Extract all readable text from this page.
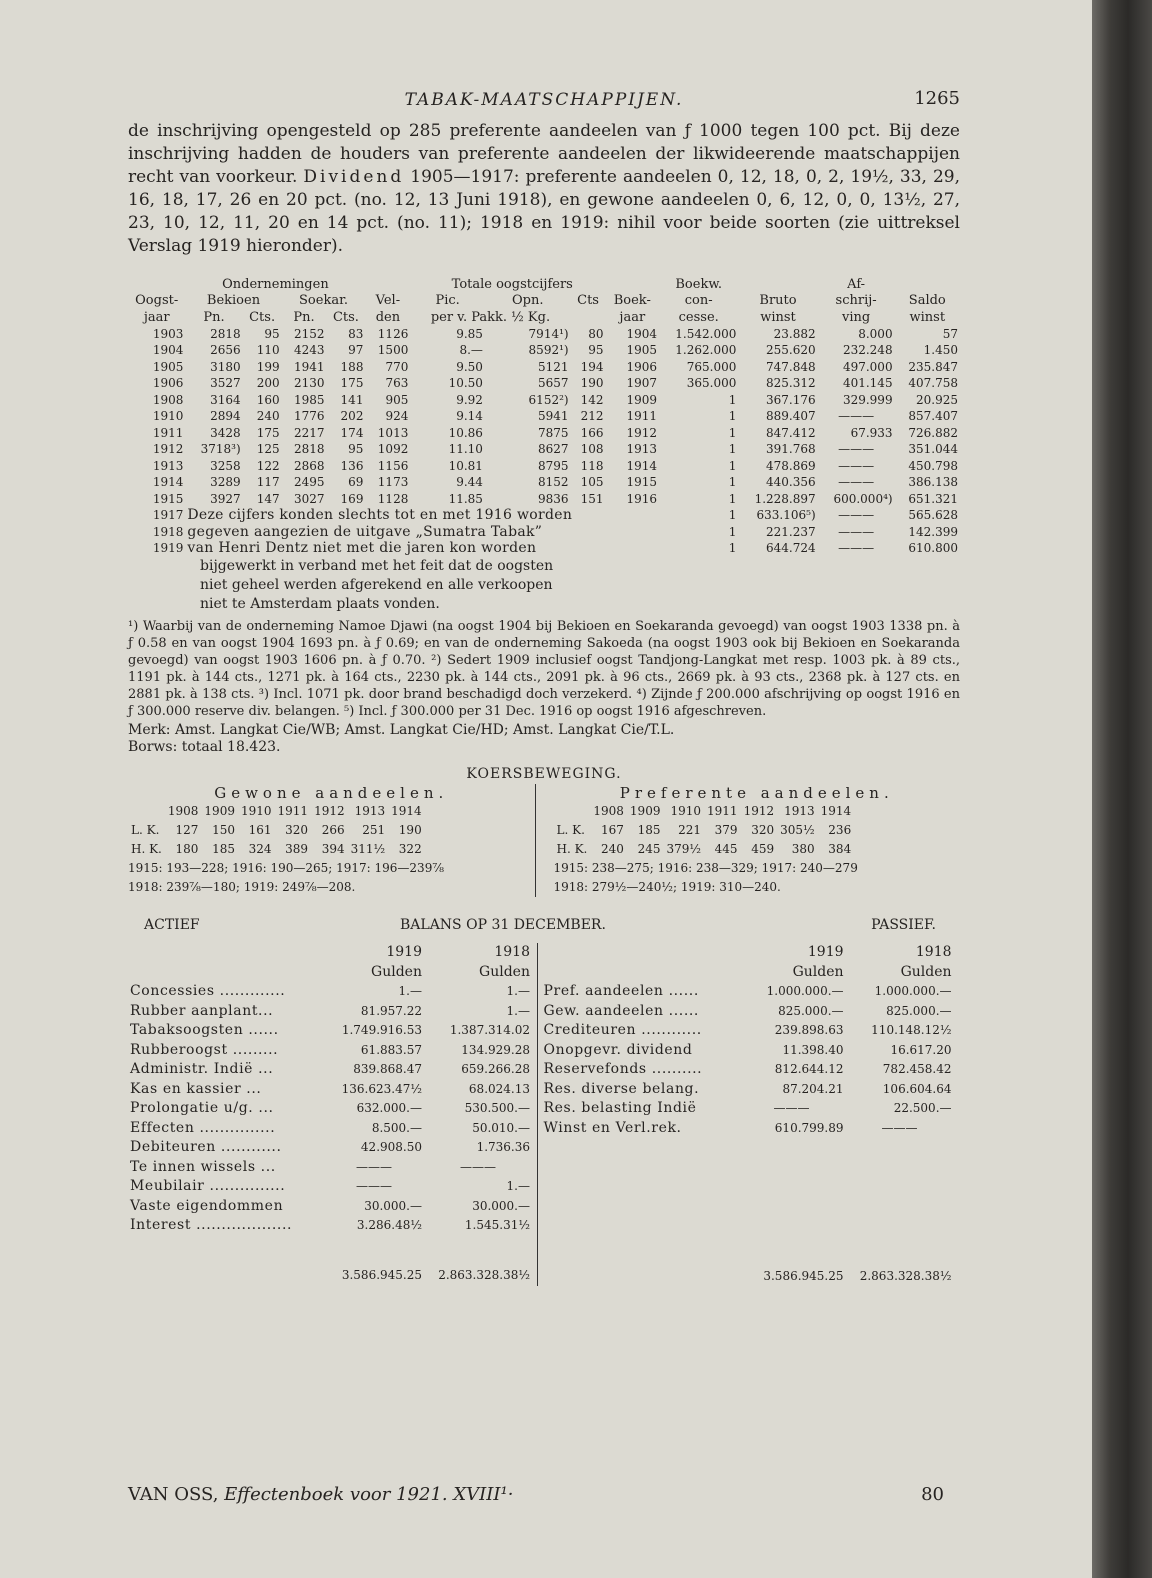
TABAK-MAATSCHAPPIJEN.	1265

de inschrijving opengesteld op 285 preferente aandeelen van ƒ 1000 tegen 100 pct. Bij deze inschrijving hadden de houders van preferente aandeelen der likwideerende maatschappijen recht van voorkeur. Dividend 1905—1917: preferente aandeelen 0, 12, 18, 0, 2, 19½, 33, 29, 16, 18, 17, 26 en 20 pct. (no. 12, 13 Juni 1918), en gewone aandeelen 0, 6, 12, 0, 0, 13½, 27, 23, 10, 12, 11, 20 en 14 pct. (no. 11); 1918 en 1919: nihil voor beide soorten (zie uittreksel Verslag 1919 hieronder).

	Ondernemingen				Totale oogstcijfers					Boekw.		Af-	
Oogst-	Bekioen		Soekar.		Vel-	Pic.	Opn.	Cts	Boek-	con-	Bruto	schrij-	Saldo
jaar	Pn.	Cts.	Pn.	Cts.	den	per v. Pakk. ½ Kg.			jaar	cesse.	winst	ving	winst
1903	2818	95	2152	83	1126	9.85	7914¹)	80	1904	1.542.000	23.882	8.000	57
1904	2656	110	4243	97	1500	8.—	8592¹)	95	1905	1.262.000	255.620	232.248	1.450
1905	3180	199	1941	188	770	9.50	5121	194	1906	765.000	747.848	497.000	235.847
1906	3527	200	2130	175	763	10.50	5657	190	1907	365.000	825.312	401.145	407.758
1908	3164	160	1985	141	905	9.92	6152²)	142	1909	1	367.176	329.999	20.925
1910	2894	240	1776	202	924	9.14	5941	212	1911	1	889.407	———	857.407
1911	3428	175	2217	174	1013	10.86	7875	166	1912	1	847.412	67.933	726.882
1912	3718³)	125	2818	95	1092	11.10	8627	108	1913	1	391.768	———	351.044
1913	3258	122	2868	136	1156	10.81	8795	118	1914	1	478.869	———	450.798
1914	3289	117	2495	69	1173	9.44	8152	105	1915	1	440.356	———	386.138
1915	3927	147	3027	169	1128	11.85	9836	151	1916	1	1.228.897	600.000⁴)	651.321
1917	Deze cijfers konden slechts tot en met 1916 worden									1	633.106⁵)	———	565.628
1918	gegeven aangezien de uitgave „Sumatra Tabak”									1	221.237	———	142.399
1919	van Henri Dentz niet met die jaren kon worden									1	644.724	———	610.800
bijgewerkt in verband met het feit dat de oogsten
niet geheel werden afgerekend en alle verkoopen
niet te Amsterdam plaats vonden.

¹) Waarbij van de onderneming Namoe Djawi (na oogst 1904 bij Bekioen en Soekaranda gevoegd) van oogst 1903 1338 pn. à ƒ 0.58 en van oogst 1904 1693 pn. à ƒ 0.69; en van de onderneming Sakoeda (na oogst 1903 ook bij Bekioen en Soekaranda gevoegd) van oogst 1903 1606 pn. à ƒ 0.70. ²) Sedert 1909 inclusief oogst Tandjong-Langkat met resp. 1003 pk. à 89 cts., 1191 pk. à 144 cts., 1271 pk. à 164 cts., 2230 pk. à 144 cts., 2091 pk. à 96 cts., 2669 pk. à 93 cts., 2368 pk. à 127 cts. en 2881 pk. à 138 cts. ³) Incl. 1071 pk. door brand beschadigd doch verzekerd. ⁴) Zijnde ƒ 200.000 afschrijving op oogst 1916 en ƒ 300.000 reserve div. belangen. ⁵) Incl. ƒ 300.000 per 31 Dec. 1916 op oogst 1916 afgeschreven.

Merk: Amst. Langkat Cie/WB; Amst. Langkat Cie/HD; Amst. Langkat Cie/T.L.
Borws: totaal 18.423.
KOERSBEWEGING.
Gewone aandeelen.
	1908	1909	1910	1911	1912	1913	1914
L. K.	127	150	161	320	266	251	190
H. K.	180	185	324	389	394	311½	322
1915: 193—228; 1916: 190—265; 1917: 196—239⅞
1918: 239⅞—180; 1919: 249⅞—208.
Preferente aandeelen.
	1908	1909	1910	1911	1912	1913	1914
L. K.	167	185	221	379	320	305½	236
H. K.	240	245	379½	445	459	380	384
1915: 238—275; 1916: 238—329; 1917: 240—279
1918: 279½—240½; 1919: 310—240.
ACTIEF	BALANS OP 31 DECEMBER.	PASSIEF.
	1919	1918
	Gulden	Gulden
Concessies .............	1.—	1.—
Rubber aanplant...	81.957.22	1.—
Tabaksoogsten ......	1.749.916.53	1.387.314.02
Rubberoogst .........	61.883.57	134.929.28
Administr. Indië ...	839.868.47	659.266.28
Kas en kassier ...	136.623.47½	68.024.13
Prolongatie u/g. ...	632.000.—	530.500.—
Effecten ...............	8.500.—	50.010.—
Debiteuren ............	42.908.50	1.736.36
Te innen wissels ...	———	———
Meubilair ...............	———	1.—
Vaste eigendommen	30.000.—	30.000.—
Interest ...................	3.286.48½	1.545.31½

	3.586.945.25	2.863.328.38½
	1919	1918
	Gulden	Gulden
Pref. aandeelen ......	1.000.000.—	1.000.000.—
Gew. aandeelen ......	825.000.—	825.000.—
Crediteuren ............	239.898.63	110.148.12½
Onopgevr. dividend	11.398.40	16.617.20
Reservefonds ..........	812.644.12	782.458.42
Res. diverse belang.	87.204.21	106.604.64
Res. belasting Indië	———	22.500.—
Winst en Verl.rek.	610.799.89	———

	3.586.945.25	2.863.328.38½
VAN OSS, Effectenboek voor 1921. XVIII¹·	80
